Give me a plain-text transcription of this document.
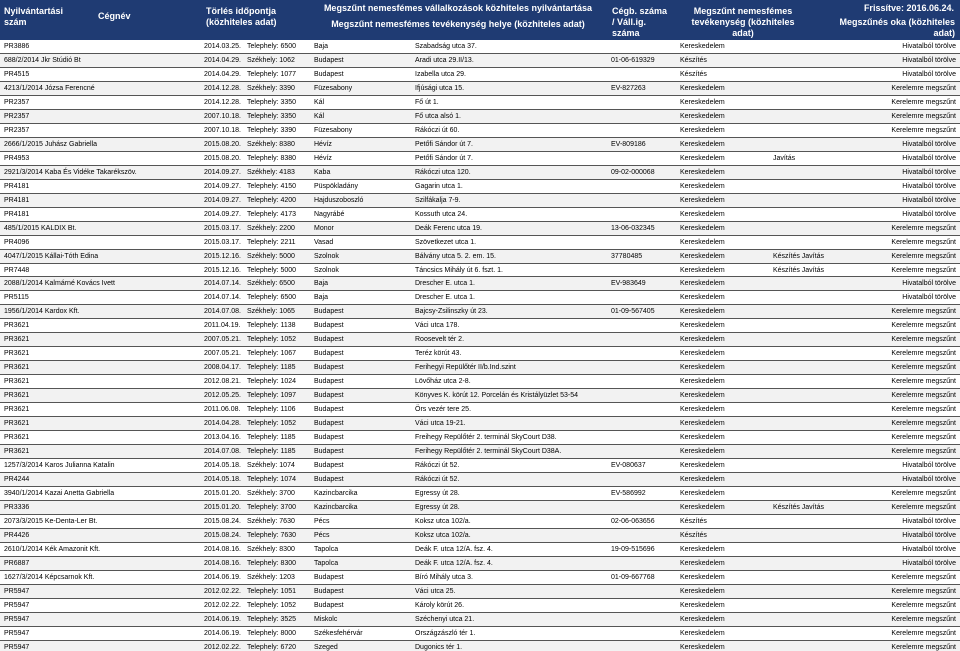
Nyilvántartási szám
Cégnév	Törlés időpontja (közhiteles adat)
Megszűnt nemesfémes vállalkozások közhiteles nyilvántartása
Megszűnt nemesfémes tevékenység helye (közhiteles adat)
Cégb. száma / Váll.ig. száma
Megszűnt nemesfémes tevékenység (közhiteles adat)
Frissítve: 2016.06.24.
Megszűnés oka (közhiteles adat)
PR3886	2014.03.25. Telephely: 6500	Baja	Szabadság utca 37.	Kereskedelem	Hivatalból törölve
688/2/2014 Jkr Stúdió Bt	2014.04.29. Székhely: 1062	Budapest	Aradi utca 29.II/13.	01-06-619329	Készítés	Hivatalból törölve
PR4515	2014.04.29. Telephely: 1077	Budapest	Izabella utca 29.	Készítés	Hivatalból törölve
4213/1/2014 Józsa Ferencné	2014.12.28. Székhely: 3390	Füzesabony	Ifjúsági utca 15.	EV-827263	Kereskedelem	Kerelemre megszűnt
PR2357	2014.12.28. Telephely: 3350	Kál	Fő út 1.	Kereskedelem	Kerelemre megszűnt
PR2357	2007.10.18. Telephely: 3350	Kál	Fő utca alsó 1.	Kereskedelem	Kerelemre megszűnt
PR2357	2007.10.18. Telephely: 3390	Füzesabony	Rákóczi út 60.	Kereskedelem	Kerelemre megszűnt
2666/1/2015 Juhász Gabriella	2015.08.20. Székhely: 8380	Hévíz	Petőfi Sándor út 7.	EV-809186	Kereskedelem	Hivatalból törölve
PR4953	2015.08.20. Telephely: 8380	Hévíz	Petőfi Sándor út 7.	Kereskedelem	Javítás	Hivatalból törölve
2921/3/2014 Kaba És Vidéke Takarékszöv.	2014.09.27. Székhely: 4183	Kaba	Rákóczi utca 120.	09-02-000068	Kereskedelem	Hivatalból törölve
PR4181	2014.09.27. Telephely: 4150	Püspökladány	Gagarin utca 1.	Kereskedelem	Hivatalból törölve
PR4181	2014.09.27. Telephely: 4200	Hajduszoboszló	Szilfákalja 7-9.	Kereskedelem	Hivatalból törölve
PR4181	2014.09.27. Telephely: 4173	Nagyrábé	Kossuth utca 24.	Kereskedelem	Hivatalból törölve
485/1/2015 KALDIX Bt.	2015.03.17. Székhely: 2200	Monor	Deák Ferenc utca 19.	13-06-032345	Kereskedelem	Kerelemre megszűnt
PR4096	2015.03.17. Telephely: 2211	Vasad	Szövetkezet utca 1.	Kereskedelem	Kerelemre megszűnt
4047/1/2015 Kállai-Tóth Edina	2015.12.16. Székhely: 5000	Szolnok	Bálvány utca 5. 2. em. 15.	37780485	Kereskedelem	Készítés Javítás	Kerelemre megszűnt
PR7448	2015.12.16. Telephely: 5000	Szolnok	Táncsics Mihály út 6. fszt. 1.	Kereskedelem	Készítés Javítás	Kerelemre megszűnt
2088/1/2014 Kalmárné Kovács Ivett	2014.07.14. Székhely: 6500	Baja	Drescher E. utca 1.	EV-983649	Kereskedelem	Hivatalból törölve
PR5115	2014.07.14. Telephely: 6500	Baja	Drescher E. utca 1.	Kereskedelem	Hivatalból törölve
1956/1/2014 Kardox Kft.	2014.07.08. Székhely: 1065	Budapest	Bajcsy-Zsilinszky út 23.	01-09-567405	Kereskedelem	Kerelemre megszűnt
PR3621	2011.04.19. Telephely: 1138	Budapest	Váci utca 178.	Kereskedelem	Kerelemre megszűnt
PR3621	2007.05.21. Telephely: 1052	Budapest	Roosevelt tér 2.	Kereskedelem	Kerelemre megszűnt
PR3621	2007.05.21. Telephely: 1067	Budapest	Teréz körút 43.	Kereskedelem	Kerelemre megszűnt
PR3621	2008.04.17. Telephely: 1185	Budapest	Ferihegyi Repülőtér II/b.Ind.szint	Kereskedelem	Kerelemre megszűnt
PR3621	2012.08.21. Telephely: 1024	Budapest	Lövőház utca 2-8.	Kereskedelem	Kerelemre megszűnt
PR3621	2012.05.25. Telephely: 1097	Budapest	Könyves K. körút 12. Porcelán és Kristályüzlet 53-54	Kereskedelem	Kerelemre megszűnt
PR3621	2011.06.08. Telephely: 1106	Budapest	Örs vezér tere 25.	Kereskedelem	Kerelemre megszűnt
PR3621	2014.04.28. Telephely: 1052	Budapest	Váci utca 19-21.	Kereskedelem	Kerelemre megszűnt
PR3621	2013.04.16. Telephely: 1185	Budapest	Freihegy Repülőtér 2. terminál SkyCourt D38.	Kereskedelem	Kerelemre megszűnt
PR3621	2014.07.08. Telephely: 1185	Budapest	Ferihegy Repülőtér 2. terminál SkyCourt D38A.	Kereskedelem	Kerelemre megszűnt
1257/3/2014 Karos Julianna Katalin	2014.05.18. Székhely: 1074	Budapest	Rákóczi út 52.	EV-080637	Kereskedelem	Hivatalból törölve
PR4244	2014.05.18. Telephely: 1074	Budapest	Rákóczi út 52.	Kereskedelem	Hivatalból törölve
3940/1/2014 Kazai Anetta Gabriella	2015.01.20. Székhely: 3700	Kazincbarcika	Egressy út 28.	EV-586992	Kereskedelem	Kerelemre megszűnt
PR3336	2015.01.20. Telephely: 3700	Kazincbarcika	Egressy út 28.	Kereskedelem	Készítés Javítás	Kerelemre megszűnt
2073/3/2015 Ke-Denta-Ler Bt.	2015.08.24. Székhely: 7630	Pécs	Koksz utca 102/a.	02-06-063656	Készítés	Hivatalból törölve
PR4426	2015.08.24. Telephely: 7630	Pécs	Koksz utca 102/a.	Készítés	Hivatalból törölve
2610/1/2014 Kék Amazonit Kft.	2014.08.16. Székhely: 8300	Tapolca	Deák F. utca 12/A. fsz. 4.	19-09-515696	Kereskedelem	Hivatalból törölve
PR6887	2014.08.16. Telephely: 8300	Tapolca	Deák F. utca 12/A. fsz. 4.	Kereskedelem	Hivatalból törölve
1627/3/2014 Képcsarnok Kft.	2014.06.19. Székhely: 1203	Budapest	Bíró Mihály utca 3.	01-09-667768	Kereskedelem	Kerelemre megszűnt
PR5947	2012.02.22. Telephely: 1051	Budapest	Váci utca 25.	Kereskedelem	Kerelemre megszűnt
PR5947	2012.02.22. Telephely: 1052	Budapest	Károly körút 26.	Kereskedelem	Kerelemre megszűnt
PR5947	2014.06.19. Telephely: 3525	Miskolc	Széchenyi utca 21.	Kereskedelem	Kerelemre megszűnt
PR5947	2014.06.19. Telephely: 8000	Székesfehérvár	Országzászló tér 1.	Kereskedelem	Kerelemre megszűnt
PR5947	2012.02.22. Telephely: 6720	Szeged	Dugonics tér 1.	Kereskedelem	Kerelemre megszűnt
